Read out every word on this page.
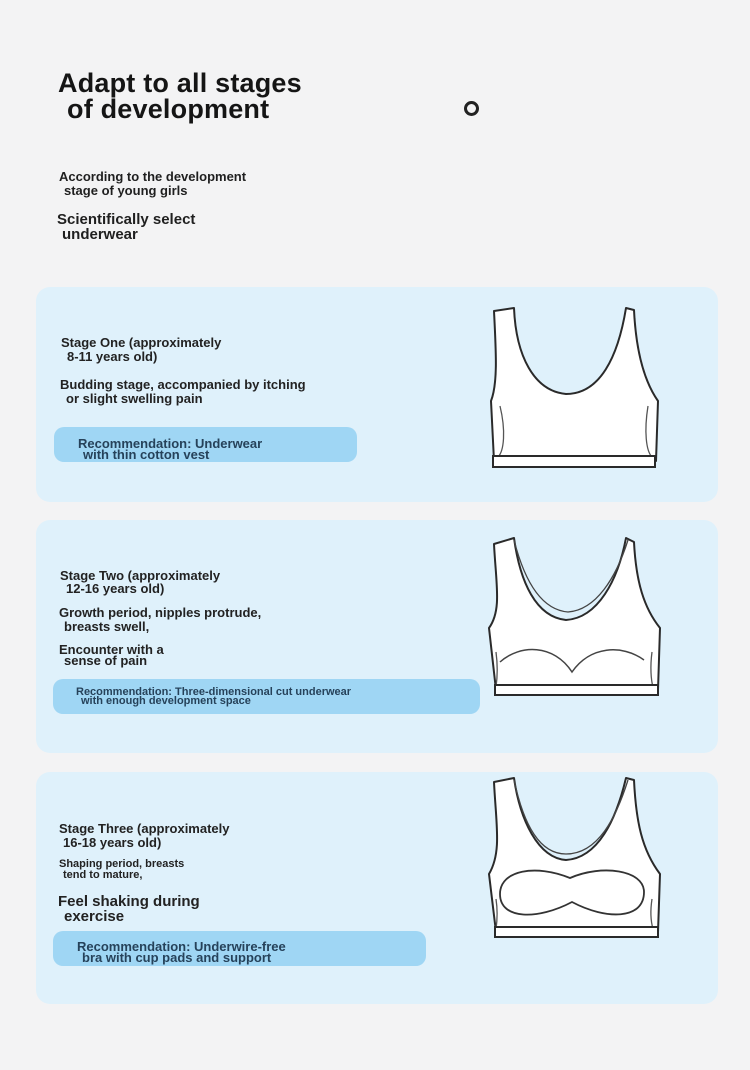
Adapt to all stages
of development
According to the development
stage of young girls
Scientifically select
underwear
Stage One (approximately
8-11 years old)
Budding stage, accompanied by itching
or slight swelling pain
Recommendation: Underwear
with thin cotton vest
Stage Two (approximately
12-16 years old)
Growth period, nipples protrude,
breasts swell,
Encounter with a
sense of pain
Recommendation: Three-dimensional cut underwear
with enough development space
Stage Three (approximately
16-18 years old)
Shaping period, breasts
tend to mature,
Feel shaking during
exercise
Recommendation: Underwire-free
bra with cup pads and support
